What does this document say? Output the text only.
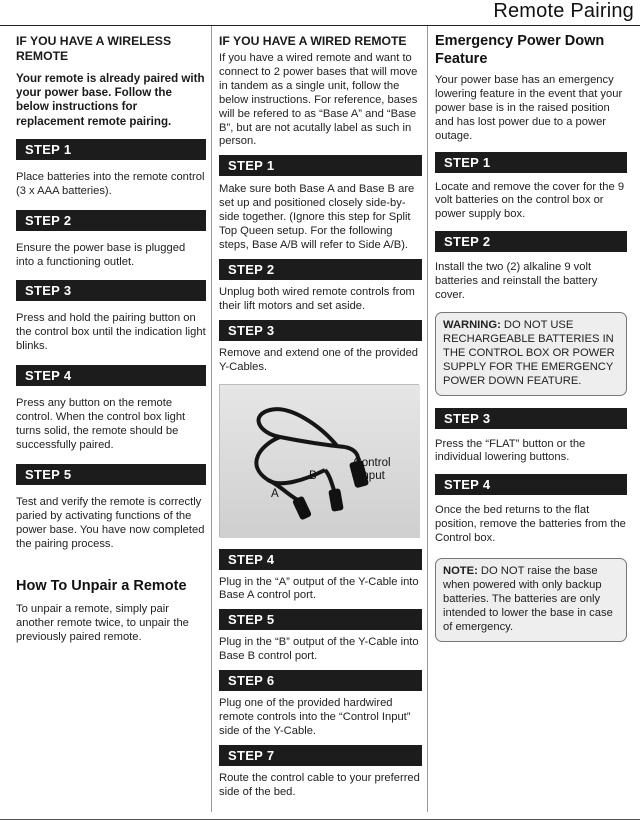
Remote Pairing
IF YOU HAVE A WIRELESS REMOTE
Your remote is already paired with your power base. Follow the below instructions for replacement remote pairing.
STEP 1
Place batteries into the remote control (3 x AAA batteries).
STEP 2
Ensure the power base is plugged into a functioning outlet.
STEP 3
Press and hold the pairing button on the control box until the indication light blinks.
STEP 4
Press any button on the remote control. When the control box light turns solid, the remote should be successfully paired.
STEP 5
Test and verify the remote is correctly paried by activating functions of the power base. You have now completed the pairing process.
How To Unpair a Remote
To unpair a remote, simply pair another remote twice, to unpair the previously paired remote.
IF YOU HAVE A WIRED REMOTE
If you have a wired remote and want to connect to 2 power bases that will move in tandem as a single unit, follow the below instructions. For reference, bases will be refered to as “Base A” and “Base B”, but are not acutally label as such in person.
STEP 1
Make sure both Base A and Base B are set up and positioned closely side-by-side together. (Ignore this step for Split Top Queen setup. For the following steps, Base A/B will refer to Side A/B).
STEP 2
Unplug both wired remote controls from their lift motors and set aside.
STEP 3
Remove and extend one of the provided Y-Cables.
A
B
Control Input
STEP 4
Plug in the “A” output of the Y-Cable into Base A control port.
STEP 5
Plug in the “B” output of the Y-Cable into Base B control port.
STEP 6
Plug one of the provided hardwired remote controls into the “Control Input” side of the Y-Cable.
STEP 7
Route the control cable to your preferred side of the bed.
Emergency Power Down Feature
Your power base has an emergency lowering feature in the event that your power base is in the raised position and has lost power due to a power outage.
STEP 1
Locate and remove the cover for the 9 volt batteries on the control box or power supply box.
STEP 2
Install the two (2) alkaline 9 volt batteries and reinstall the battery cover.
WARNING: DO NOT USE RECHARGEABLE BATTERIES IN THE CONTROL BOX OR POWER SUPPLY FOR THE EMERGENCY POWER DOWN FEATURE.
STEP 3
Press the “FLAT” button or the individual lowering buttons.
STEP 4
Once the bed returns to the flat position, remove the batteries from the Control box.
NOTE: DO NOT raise the base when powered with only backup batteries. The batteries are only intended to lower the base in case of emergency.
